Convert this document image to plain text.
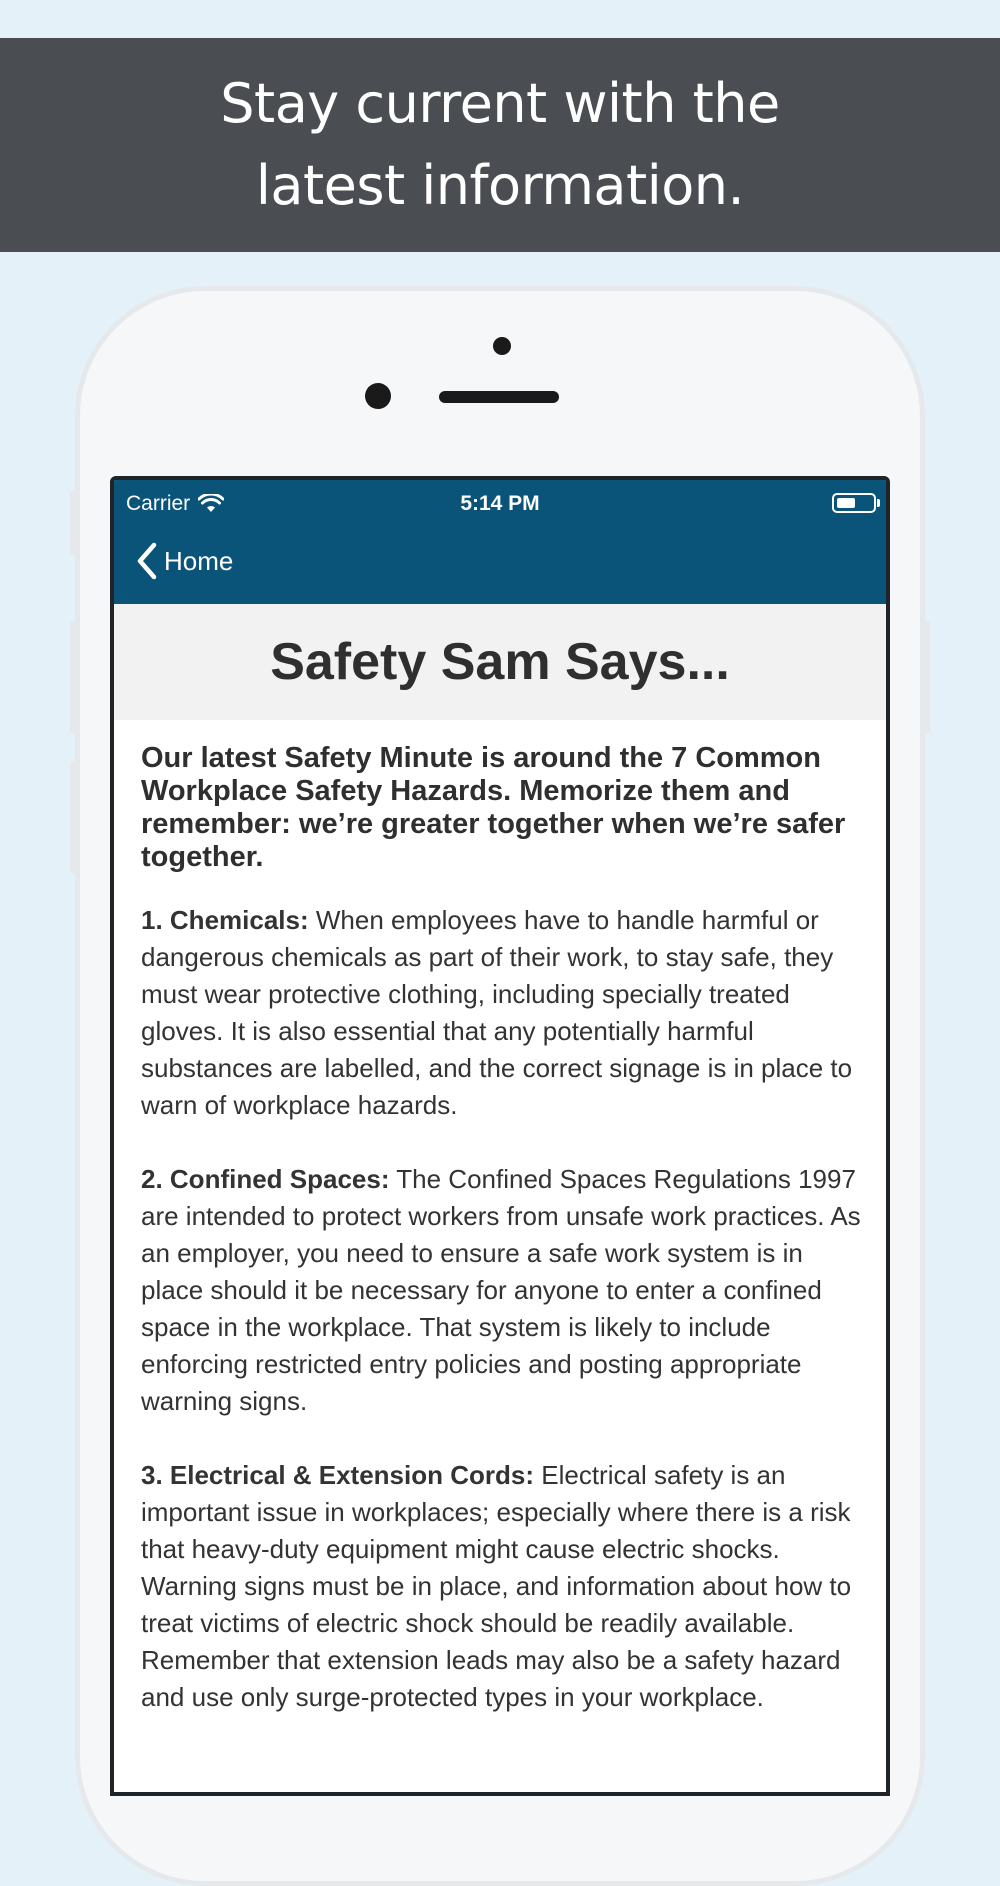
Stay current with the latest information.
Carrier	5:14 PM
Home
Safety Sam Says...

Our latest Safety Minute is around the 7 Common Workplace Safety Hazards. Memorize them and remember: we’re greater together when we’re safer together.

1. Chemicals: When employees have to handle harmful or dangerous chemicals as part of their work, to stay safe, they must wear protective clothing, including specially treated gloves. It is also essential that any potentially harmful substances are labelled, and the correct signage is in place to warn of workplace hazards.

2. Confined Spaces: The Confined Spaces Regulations 1997 are intended to protect workers from unsafe work practices. As an employer, you need to ensure a safe work system is in place should it be necessary for anyone to enter a confined space in the workplace. That system is likely to include enforcing restricted entry policies and posting appropriate warning signs.

3. Electrical & Extension Cords: Electrical safety is an important issue in workplaces; especially where there is a risk that heavy-duty equipment might cause electric shocks. Warning signs must be in place, and information about how to treat victims of electric shock should be readily available. Remember that extension leads may also be a safety hazard and use only surge-protected types in your workplace.
